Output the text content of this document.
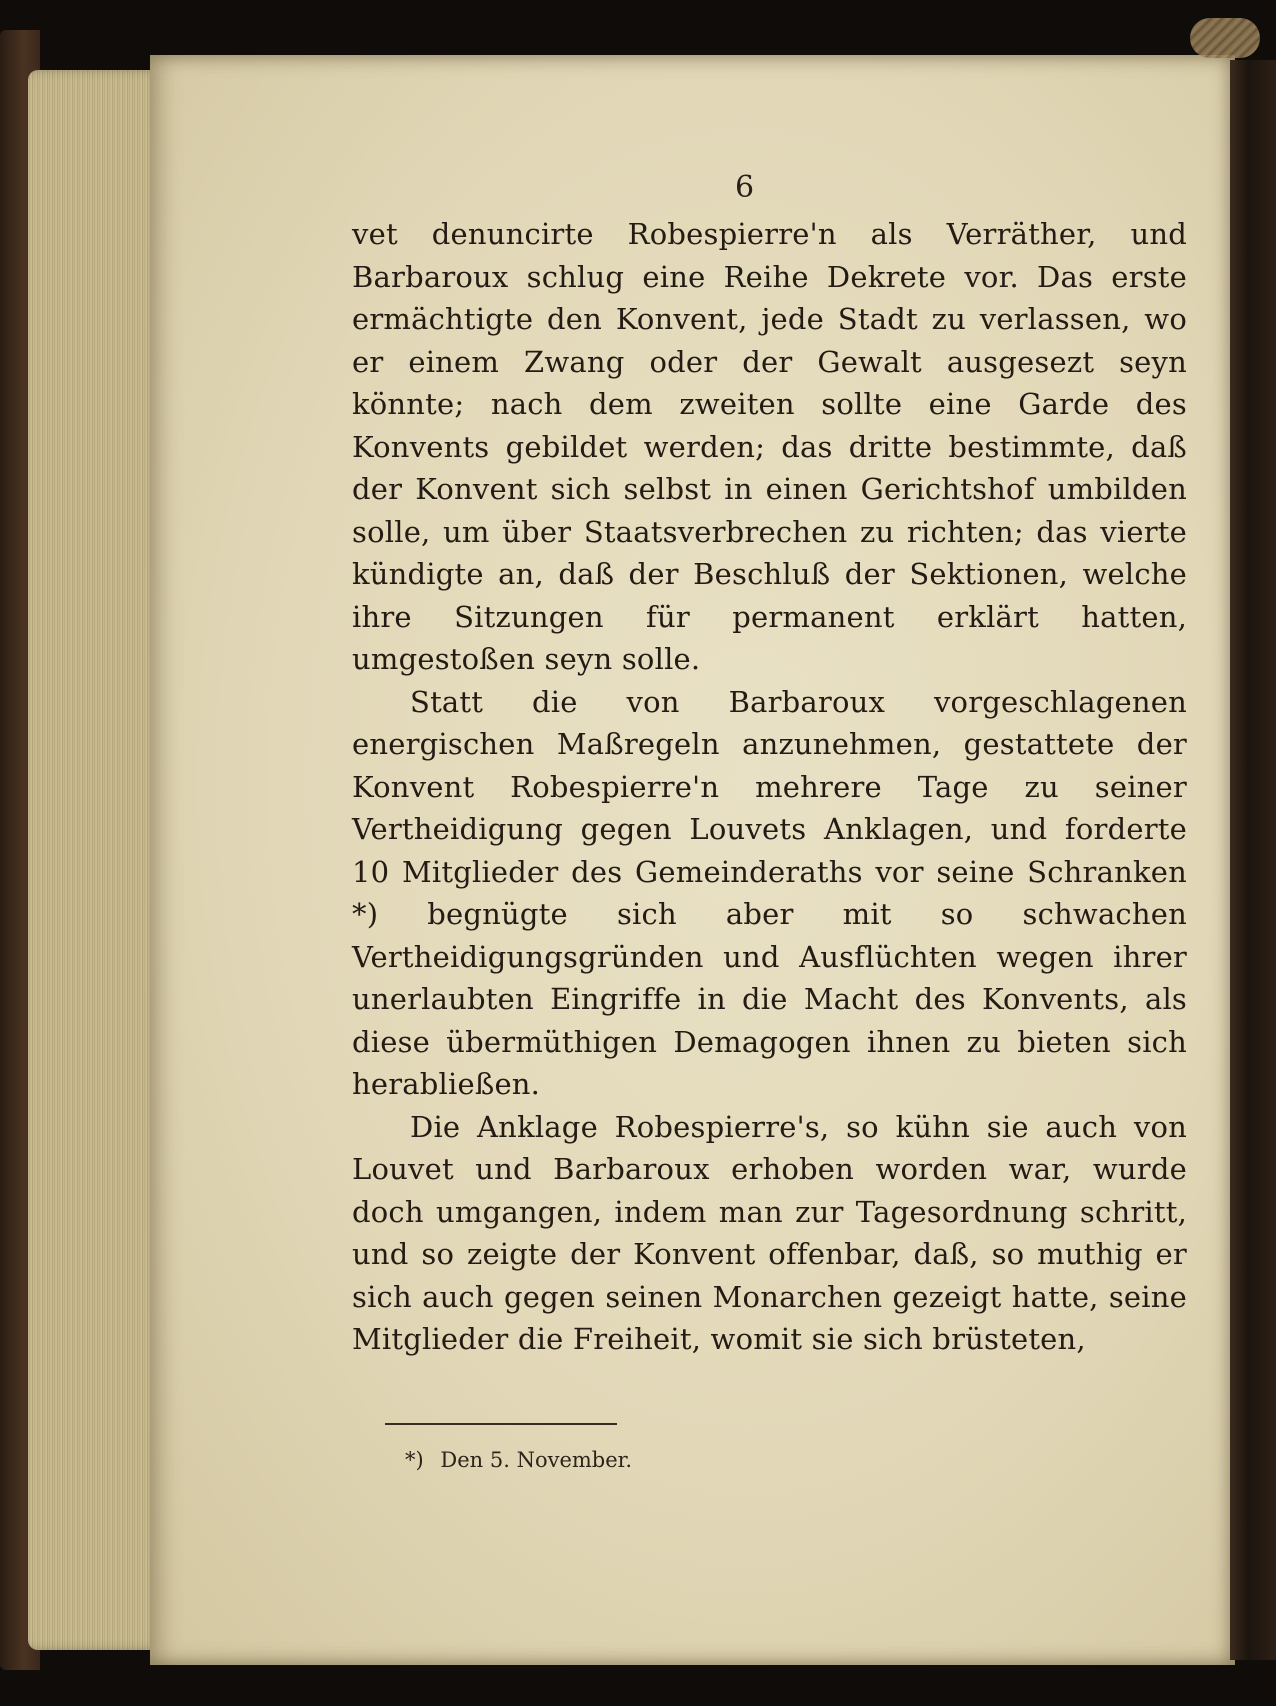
6

vet denuncirte Robespierre'n als Verräther, und Barbaroux schlug eine Reihe Dekrete vor. Das erste ermächtigte den Konvent, jede Stadt zu verlassen, wo er einem Zwang oder der Gewalt ausgesezt seyn könnte; nach dem zweiten sollte eine Garde des Konvents gebildet werden; das dritte bestimmte, daß der Konvent sich selbst in einen Gerichtshof umbilden solle, um über Staatsverbrechen zu richten; das vierte kündigte an, daß der Beschluß der Sektionen, welche ihre Sitzungen für permanent erklärt hatten, umgestoßen seyn solle.

Statt die von Barbaroux vorgeschlagenen energischen Maßregeln anzunehmen, gestattete der Konvent Robespierre'n mehrere Tage zu seiner Vertheidigung gegen Louvets Anklagen, und forderte 10 Mitglieder des Gemeinderaths vor seine Schranken *) begnügte sich aber mit so schwachen Vertheidigungsgründen und Ausflüchten wegen ihrer unerlaubten Eingriffe in die Macht des Konvents, als diese übermüthigen Demagogen ihnen zu bieten sich herabließen.

Die Anklage Robespierre's, so kühn sie auch von Louvet und Barbaroux erhoben worden war, wurde doch umgangen, indem man zur Tagesordnung schritt, und so zeigte der Konvent offenbar, daß, so muthig er sich auch gegen seinen Monarchen gezeigt hatte, seine Mitglieder die Freiheit, womit sie sich brüsteten,

*) Den 5. November.
